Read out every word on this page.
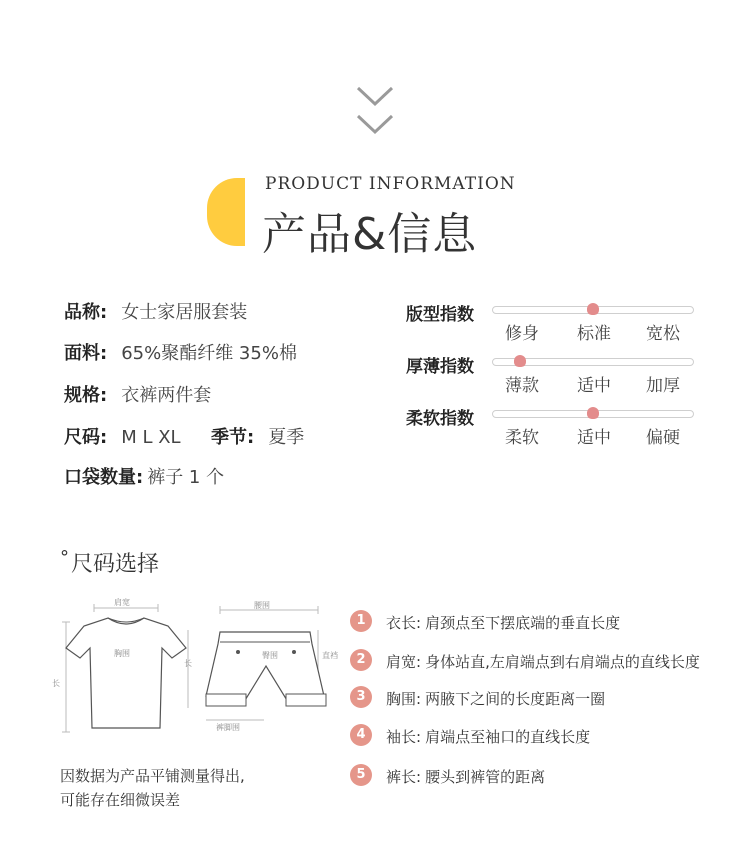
PRODUCT INFORMATION
产品&信息
品称: 女士家居服套装
面料: 65%聚酯纤维 35%棉
规格: 衣裤两件套
尺码: M L XL 季节: 夏季
口袋数量: 裤子 1 个
版型指数
修身 标准 宽松
厚薄指数
薄款 适中 加厚
柔软指数
柔软 适中 偏硬
°尺码选择
肩宽
胸围
长
腰围
臀围
长
直裆
裤脚围
因数据为产品平铺测量得出,
可能存在细微误差
1	衣长: 肩颈点至下摆底端的垂直长度
2	肩宽: 身体站直,左肩端点到右肩端点的直线长度
3	胸围: 两腋下之间的长度距离一圈
4	袖长: 肩端点至袖口的直线长度
5	裤长: 腰头到裤管的距离
